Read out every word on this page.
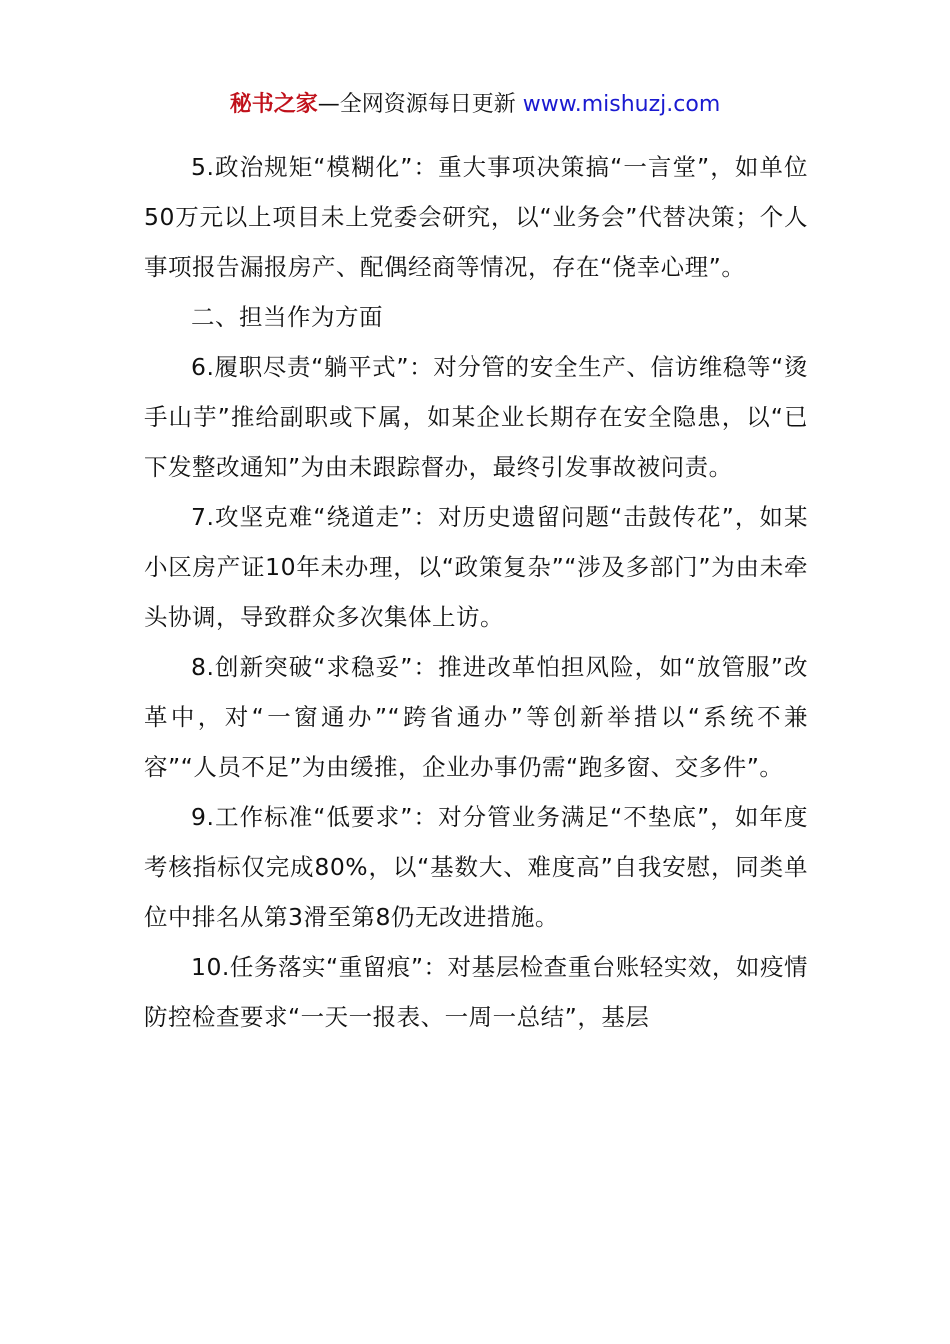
秘书之家—全网资源每日更新 www.mishuzj.com

5.政治规矩“模糊化”：重大事项决策搞“一言堂”，如单位50万元以上项目未上党委会研究，以“业务会”代替决策；个人事项报告漏报房产、配偶经商等情况，存在“侥幸心理”。

二、担当作为方面

6.履职尽责“躺平式”：对分管的安全生产、信访维稳等“烫手山芋”推给副职或下属，如某企业长期存在安全隐患，以“已下发整改通知”为由未跟踪督办，最终引发事故被问责。

7.攻坚克难“绕道走”：对历史遗留问题“击鼓传花”，如某小区房产证10年未办理，以“政策复杂”“涉及多部门”为由未牵头协调，导致群众多次集体上访。

8.创新突破“求稳妥”：推进改革怕担风险，如“放管服”改革中，对“一窗通办”“跨省通办”等创新举措以“系统不兼容”“人员不足”为由缓推，企业办事仍需“跑多窗、交多件”。

9.工作标准“低要求”：对分管业务满足“不垫底”，如年度考核指标仅完成80%，以“基数大、难度高”自我安慰，同类单位中排名从第3滑至第8仍无改进措施。

10.任务落实“重留痕”：对基层检查重台账轻实效，如疫情防控检查要求“一天一报表、一周一总结”，基层
